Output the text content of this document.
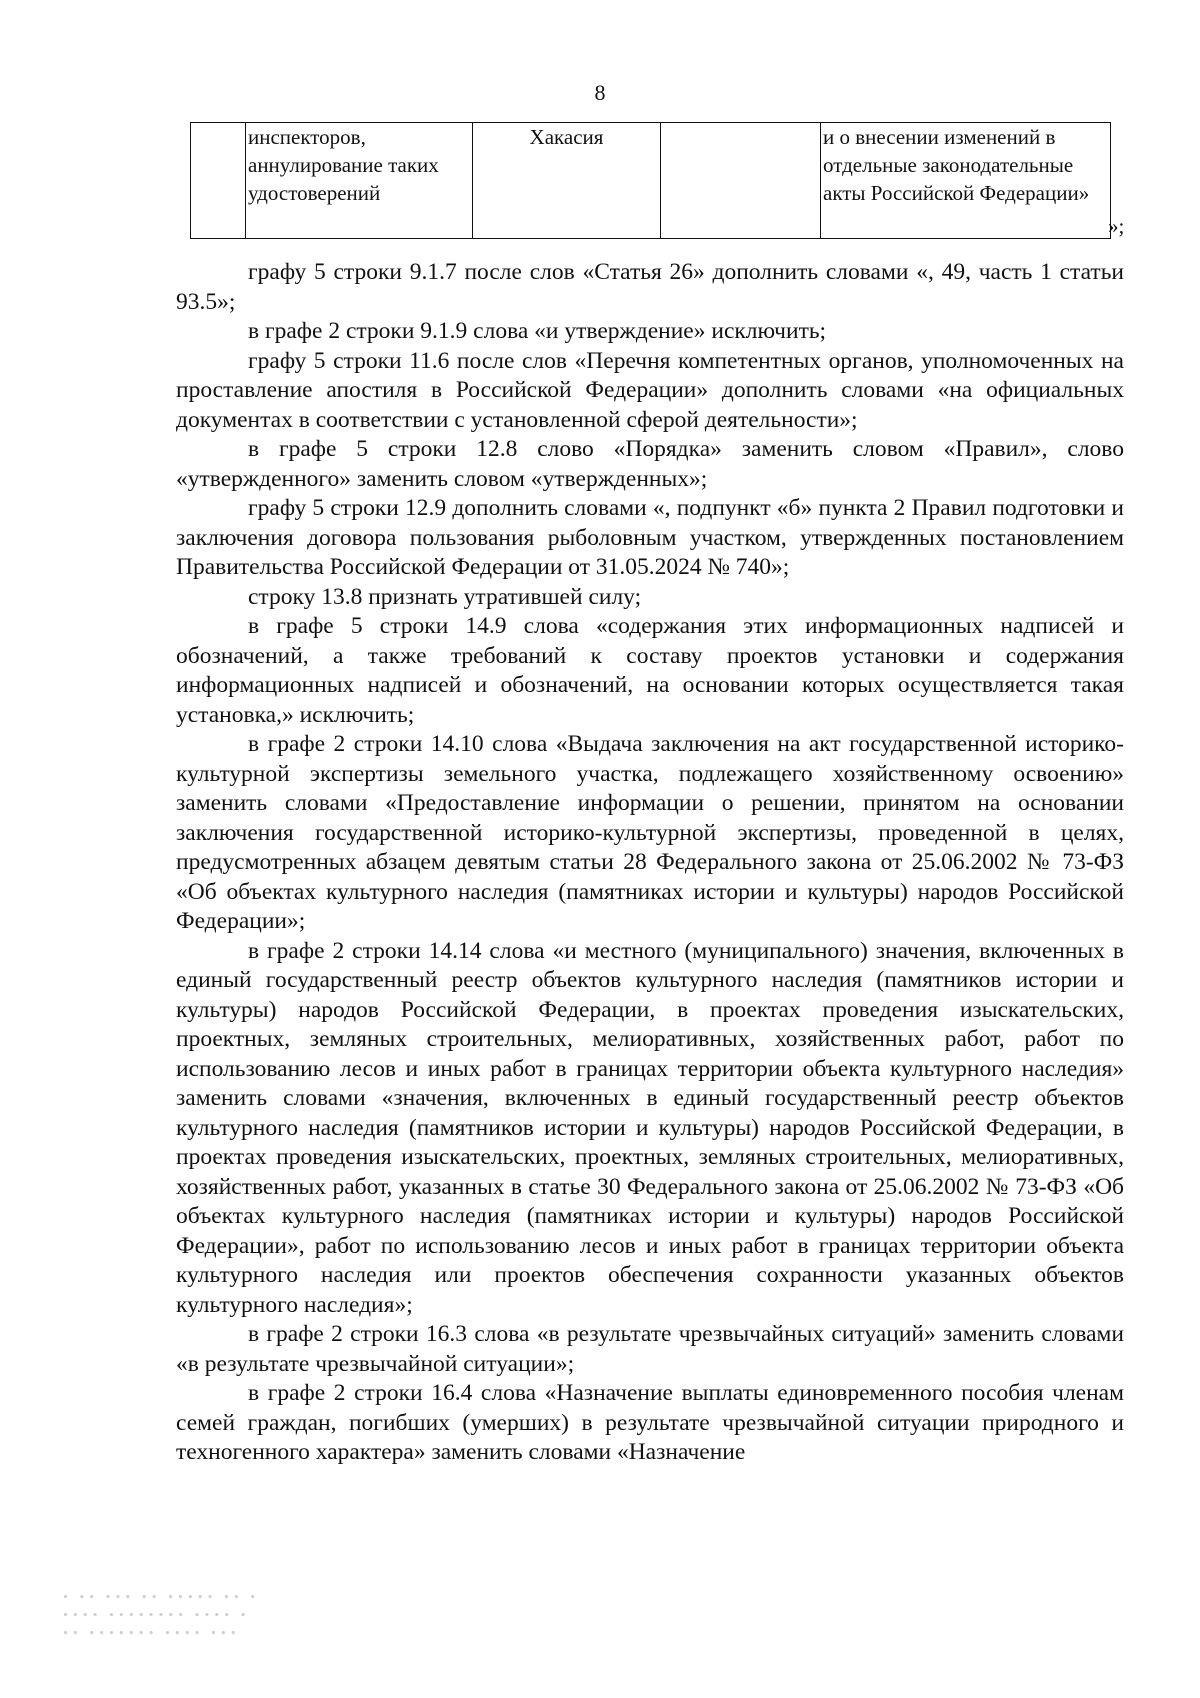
8
	инспекторов, аннулирование таких удостоверений	Хакасия		и о внесении изменений в отдельные законодательные акты Российской Федерации»
»;

графу 5 строки 9.1.7 после слов «Статья 26» дополнить словами «, 49, часть 1 статьи 93.5»;

в графе 2 строки 9.1.9 слова «и утверждение» исключить;

графу 5 строки 11.6 после слов «Перечня компетентных органов, уполномоченных на проставление апостиля в Российской Федерации» дополнить словами «на официальных документах в соответствии с установленной сферой деятельности»;

в графе 5 строки 12.8 слово «Порядка» заменить словом «Правил», слово «утвержденного» заменить словом «утвержденных»;

графу 5 строки 12.9 дополнить словами «, подпункт «б» пункта 2 Правил подготовки и заключения договора пользования рыболовным участком, утвержденных постановлением Правительства Российской Федерации от 31.05.2024 № 740»;

строку 13.8 признать утратившей силу;

в графе 5 строки 14.9 слова «содержания этих информационных надписей и обозначений, а также требований к составу проектов установки и содержания информационных надписей и обозначений, на основании которых осуществляется такая установка,» исключить;

в графе 2 строки 14.10 слова «Выдача заключения на акт государственной историко-культурной экспертизы земельного участка, подлежащего хозяйственному освоению» заменить словами «Предоставление информации о решении, принятом на основании заключения государственной историко-культурной экспертизы, проведенной в целях, предусмотренных абзацем девятым статьи 28 Федерального закона от 25.06.2002 № 73-ФЗ «Об объектах культурного наследия (памятниках истории и культуры) народов Российской Федерации»;

в графе 2 строки 14.14 слова «и местного (муниципального) значения, включенных в единый государственный реестр объектов культурного наследия (памятников истории и культуры) народов Российской Федерации, в проектах проведения изыскательских, проектных, земляных строительных, мелиоративных, хозяйственных работ, работ по использованию лесов и иных работ в границах территории объекта культурного наследия» заменить словами «значения, включенных в единый государственный реестр объектов культурного наследия (памятников истории и культуры) народов Российской Федерации, в проектах проведения изыскательских, проектных, земляных строительных, мелиоративных, хозяйственных работ, указанных в статье 30 Федерального закона от 25.06.2002 № 73-ФЗ «Об объектах культурного наследия (памятниках истории и культуры) народов Российской Федерации», работ по использованию лесов и иных работ в границах территории объекта культурного наследия или проектов обеспечения сохранности указанных объектов культурного наследия»;

в графе 2 строки 16.3 слова «в результате чрезвычайных ситуаций» заменить словами «в результате чрезвычайной ситуации»;

в графе 2 строки 16.4 слова «Назначение выплаты единовременного пособия членам семей граждан, погибших (умерших) в результате чрезвычайной ситуации природного и техногенного характера» заменить словами «Назначение

∙ ∙∙ ∙∙∙ ∙∙ ∙∙∙∙∙ ∙∙ ∙
∙∙∙∙ ∙∙∙∙∙∙∙∙ ∙∙∙∙ ∙
∙∙ ∙∙∙∙∙∙∙ ∙∙∙∙ ∙∙∙
